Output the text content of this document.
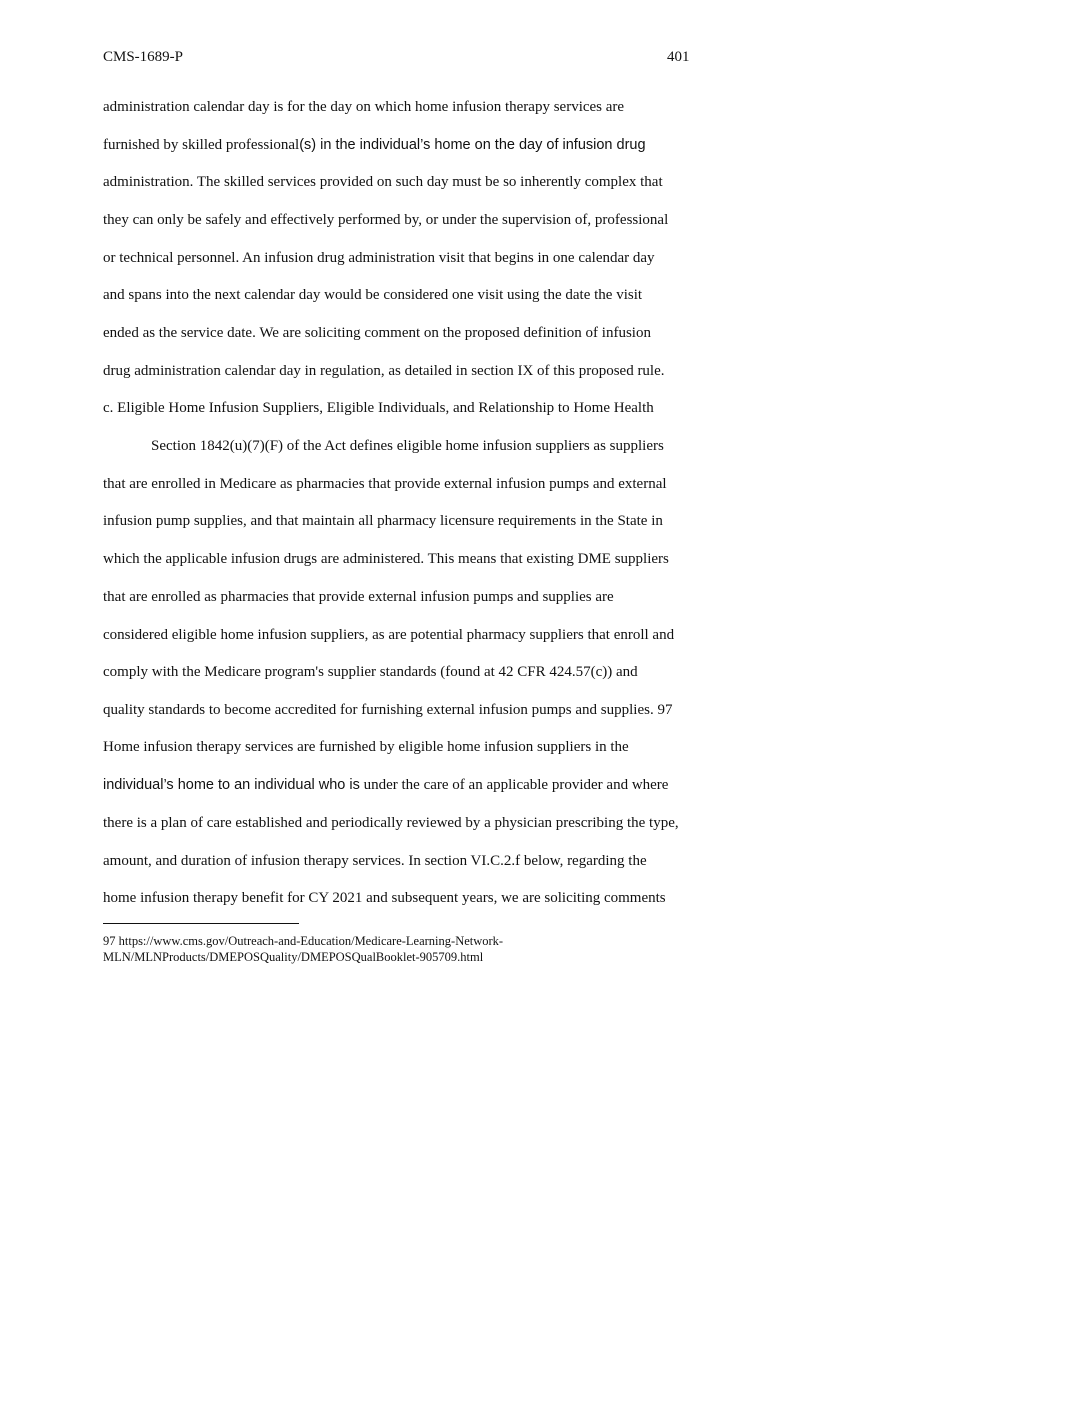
CMS-1689-P	401
administration calendar day is for the day on which home infusion therapy services are
furnished by skilled professional(s) in the individual’s home on the day of infusion drug
administration. The skilled services provided on such day must be so inherently complex that
they can only be safely and effectively performed by, or under the supervision of, professional
or technical personnel. An infusion drug administration visit that begins in one calendar day
and spans into the next calendar day would be considered one visit using the date the visit
ended as the service date. We are soliciting comment on the proposed definition of infusion
drug administration calendar day in regulation, as detailed in section IX of this proposed rule.
c. Eligible Home Infusion Suppliers, Eligible Individuals, and Relationship to Home Health
Section 1842(u)(7)(F) of the Act defines eligible home infusion suppliers as suppliers
that are enrolled in Medicare as pharmacies that provide external infusion pumps and external
infusion pump supplies, and that maintain all pharmacy licensure requirements in the State in
which the applicable infusion drugs are administered. This means that existing DME suppliers
that are enrolled as pharmacies that provide external infusion pumps and supplies are
considered eligible home infusion suppliers, as are potential pharmacy suppliers that enroll and
comply with the Medicare program's supplier standards (found at 42 CFR 424.57(c)) and
quality standards to become accredited for furnishing external infusion pumps and supplies. 97
Home infusion therapy services are furnished by eligible home infusion suppliers in the
individual’s home to an individual who is under the care of an applicable provider and where
there is a plan of care established and periodically reviewed by a physician prescribing the type,
amount, and duration of infusion therapy services. In section VI.C.2.f below, regarding the
home infusion therapy benefit for CY 2021 and subsequent years, we are soliciting comments
97 https://www.cms.gov/Outreach-and-Education/Medicare-Learning-Network-
MLN/MLNProducts/DMEPOSQuality/DMEPOSQualBooklet-905709.html
